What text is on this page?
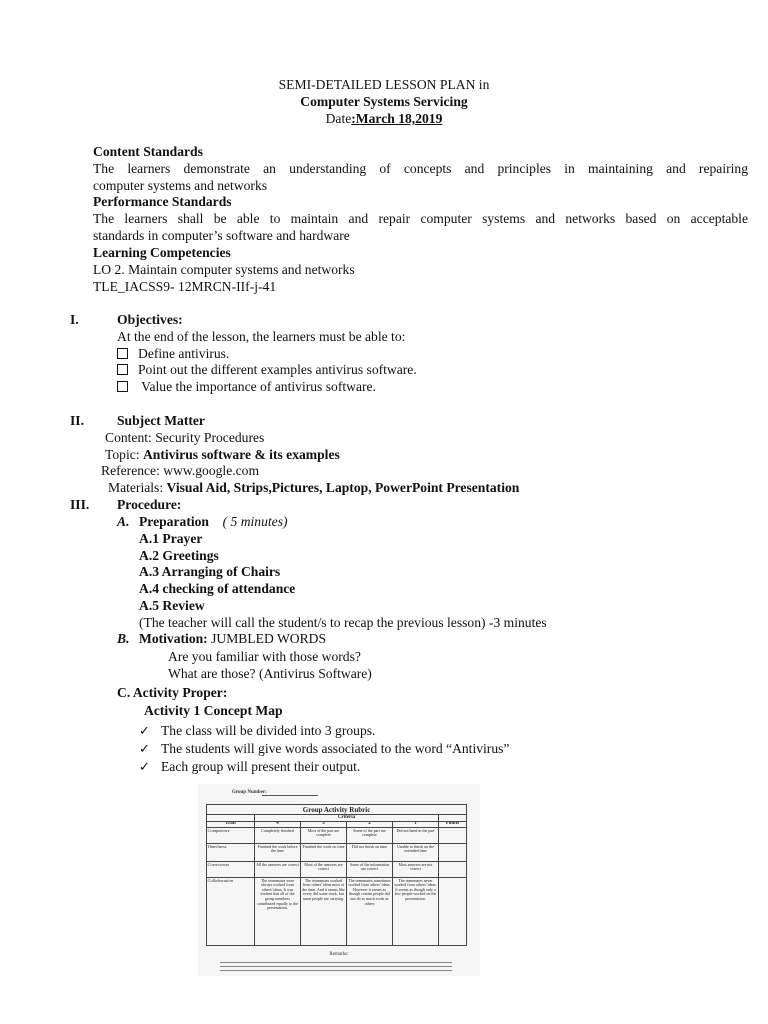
SEMI-DETAILED LESSON PLAN in
Computer Systems Servicing
Date:March 18,2019
Content Standards
The learners demonstrate an understanding of concepts and principles in maintaining and repairing
computer systems and networks
Performance Standards
The learners shall be able to maintain and repair computer systems and networks based on acceptable
standards in computer’s software and hardware
Learning Competencies
LO 2. Maintain computer systems and networks
TLE_IACSS9- 12MRCN-IIf-j-41
I.	Objectives:
At the end of the lesson, the learners must be able to:
Define antivirus.
Point out the different examples antivirus software.
Value the importance of antivirus software.
II. Subject Matter
Content: Security Procedures
Topic: Antivirus software & its examples
Reference: www.google.com
Materials: Visual Aid, Strips,Pictures, Laptop, PowerPoint Presentation
III. Procedure:
A. Preparation ( 5 minutes)
A.1 Prayer
A.2 Greetings
A.3 Arranging of Chairs
A.4 checking of attendance
A.5 Review
(The teacher will call the student/s to recap the previous lesson) -3 minutes
B. Motivation: JUMBLED WORDS
Are you familiar with those words?
What are those? (Antivirus Software)
C. Activity Proper:
Activity 1 Concept Map
✓ The class will be divided into 3 groups.
✓ The students will give words associated to the word “Antivirus”
✓ Each group will present their output.
Group Number:
Group Activity Rubric					
	Criteria				
Trait	4	3	2	1	Points
Competence	Completely finished	Most of the part are complete	Some of the part are complete	Did not hand in the part	
Timeliness	Finished the work before the time	Finished the work on time	Did not finish on time	Unable to finish on the extended time	
Correctness	All the answers are correct	Most of the answers are correct	Some of the information are correct	Most answers are not correct	
Collaboration	The teammates were always worked from others' ideas. It was evident that all of the group members contributed equally to the presentation.	The teammates worked from others' ideas most of the time. And it seems like every did some work, but some people are carrying.	The teammates sometimes worked from others' ideas. However it seems as though certain people did not do as much work as others	The teammates never worked from others' ideas. It seems as though only a few people worked on the presentation.	
Remarks:
